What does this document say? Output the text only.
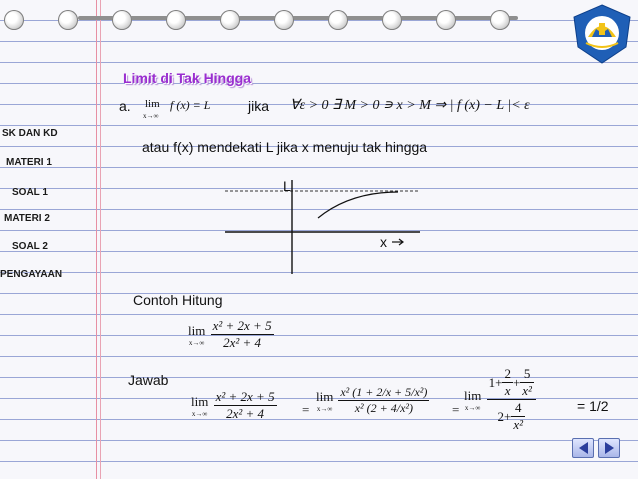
SK DAN KD
MATERI 1
SOAL 1
MATERI 2
SOAL 2
PENGAYAAN
Limit di Tak Hingga
a. lim
x→∞
f (x) = L	jika ∀ε > 0 ∃ M > 0 ∍ x > M ⇒ | f (x) − L |< ε
atau f(x) mendekati L jika x menuju tak hingga
L
x
Contoh Hitung
lim
x→∞
$\frac{\text{x² + 2x + 5}}{\text{2x² + 4}}$
Jawab
lim
x→∞
$\frac{\text{x² + 2x + 5}}{\text{2x² + 4}}$ =
lim
x→∞
$\frac{\text{x² (1 + 2/x + 5/x²)}}{\text{x² (2 + 4/x²)}}$ =
lim
x→∞
$\frac{1+ \frac{2}{x} + \frac{5}{\text{x²}}}{2+ \frac{4}{\text{x²}}}$	= 1/2
